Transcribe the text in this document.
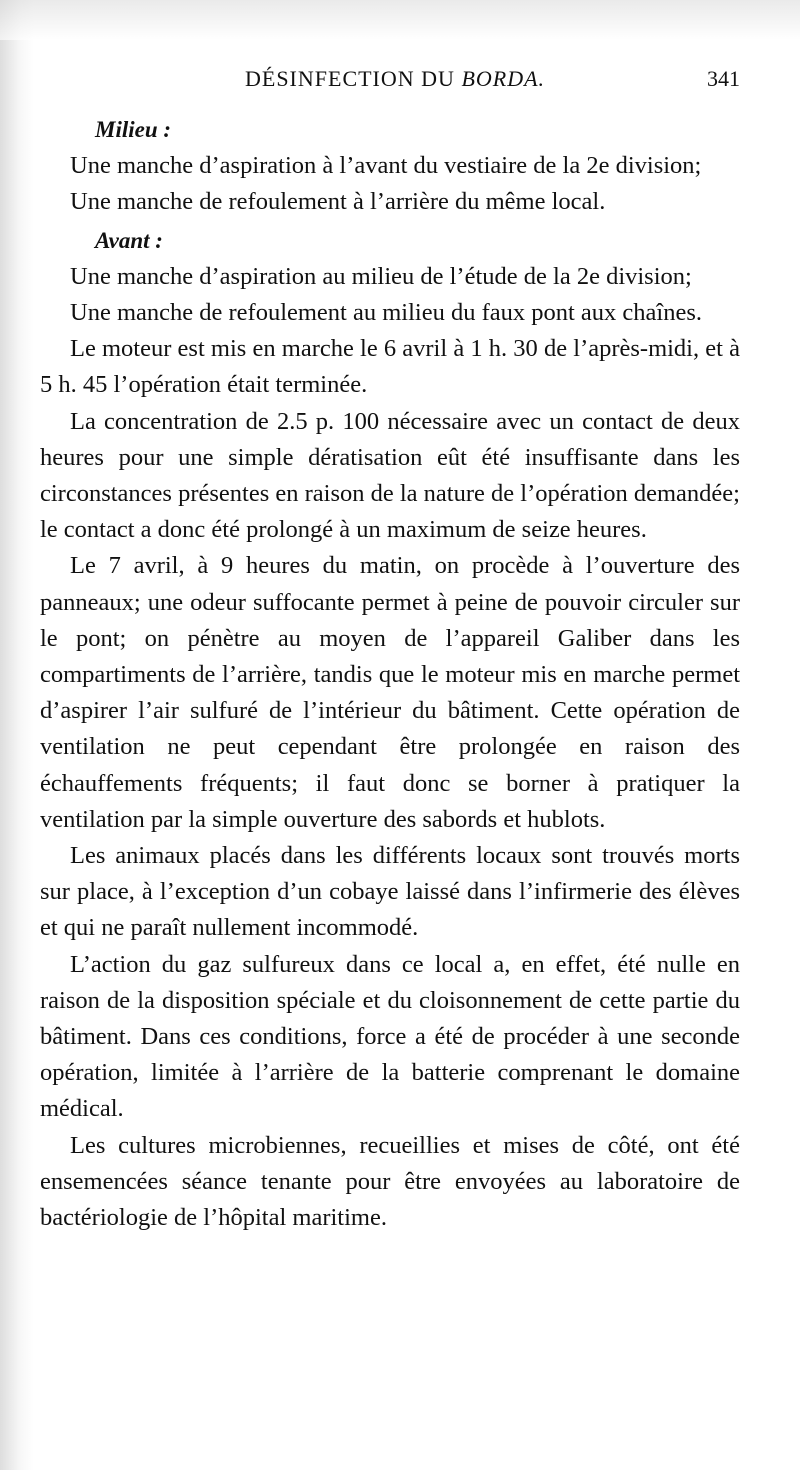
DÉSINFECTION DU BORDA.	341

Milieu :

Une manche d’aspiration à l’avant du vestiaire de la 2e division;

Une manche de refoulement à l’arrière du même local.

Avant :

Une manche d’aspiration au milieu de l’étude de la 2e division;

Une manche de refoulement au milieu du faux pont aux chaînes.

Le moteur est mis en marche le 6 avril à 1 h. 30 de l’après-midi, et à 5 h. 45 l’opération était terminée.

La concentration de 2.5 p. 100 nécessaire avec un contact de deux heures pour une simple dératisation eût été insuffisante dans les circonstances présentes en raison de la nature de l’opération demandée; le contact a donc été prolongé à un maximum de seize heures.

Le 7 avril, à 9 heures du matin, on procède à l’ouverture des panneaux; une odeur suffocante permet à peine de pouvoir circuler sur le pont; on pénètre au moyen de l’appareil Galiber dans les compartiments de l’arrière, tandis que le moteur mis en marche permet d’aspirer l’air sulfuré de l’intérieur du bâtiment. Cette opération de ventilation ne peut cependant être prolongée en raison des échauffements fréquents; il faut donc se borner à pratiquer la ventilation par la simple ouverture des sabords et hublots.

Les animaux placés dans les différents locaux sont trouvés morts sur place, à l’exception d’un cobaye laissé dans l’infirmerie des élèves et qui ne paraît nullement incommodé.

L’action du gaz sulfureux dans ce local a, en effet, été nulle en raison de la disposition spéciale et du cloisonnement de cette partie du bâtiment. Dans ces conditions, force a été de procéder à une seconde opération, limitée à l’arrière de la batterie comprenant le domaine médical.

Les cultures microbiennes, recueillies et mises de côté, ont été ensemencées séance tenante pour être envoyées au laboratoire de bactériologie de l’hôpital maritime.
